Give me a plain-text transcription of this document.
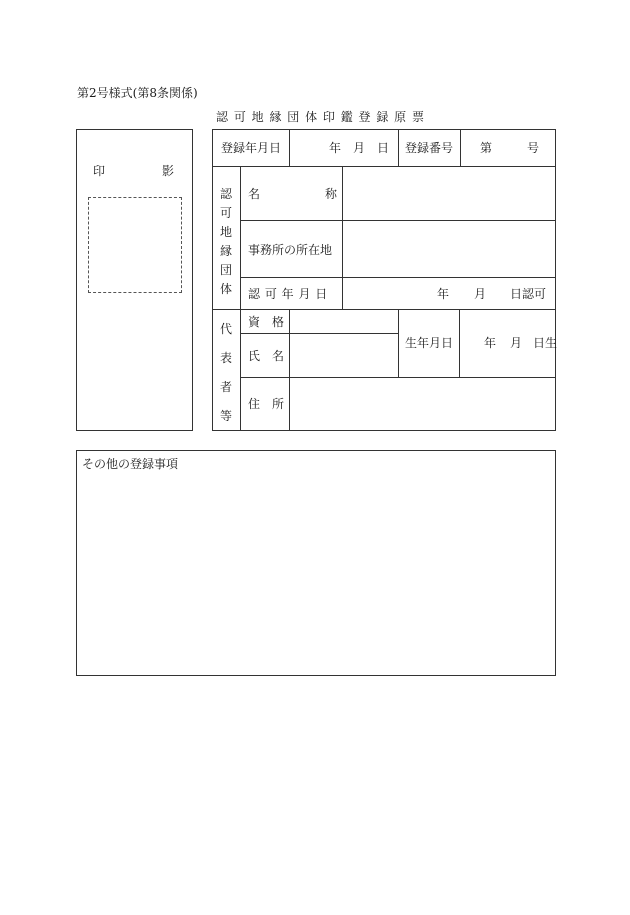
第2号様式(第8条関係)
認 可 地 縁 団 体 印 鑑 登 録 原 票
印	影
登録年月日	年 月 日 登録番号 第	号
認可地縁団体
名	称
事務所の所在地
認 可 年 月 日	年 月 日認可
代表者等
資　格
氏　名
生年月日	年 月 日生
住　所
その他の登録事項
